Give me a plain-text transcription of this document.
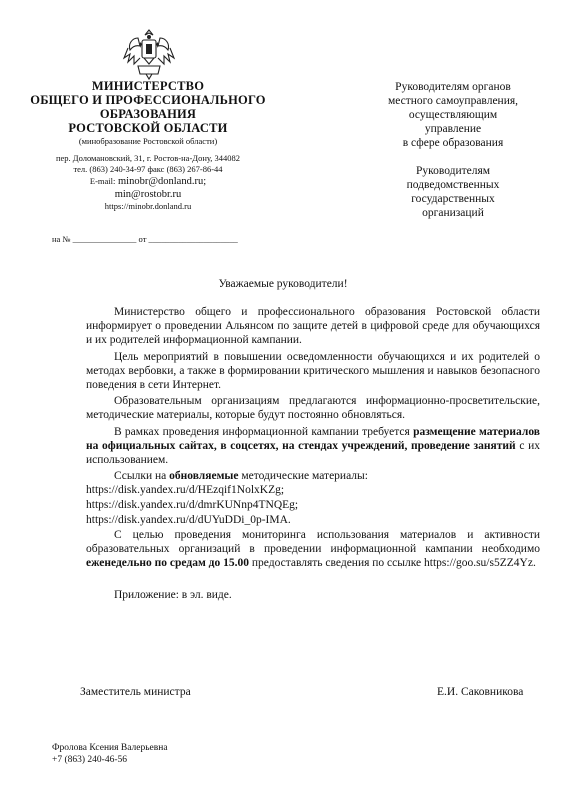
МИНИСТЕРСТВО
ОБЩЕГО И ПРОФЕССИОНАЛЬНОГО
ОБРАЗОВАНИЯ
РОСТОВСКОЙ ОБЛАСТИ
(минобразование Ростовской области)
пер. Доломановский, 31, г. Ростов-на-Дону, 344082
тел. (863) 240-34-97 факс (863) 267-86-44
E-mail: minobr@donland.ru;
min@rostobr.ru
https://minobr.donland.ru
на № _______________ от _____________________
Руководителям органов
местного самоуправления,
осуществляющим
управление
в сфере образования
Руководителям
подведомственных
государственных
организаций
Уважаемые руководители!

Министерство общего и профессионального образования Ростовской области информирует о проведении Альянсом по защите детей в цифровой среде для обучающихся и их родителей информационной кампании.

Цель мероприятий в повышении осведомленности обучающихся и их родителей о методах вербовки, а также в формировании критического мышления и навыков безопасного поведения в сети Интернет.

Образовательным организациям предлагаются информационно-просветительские, методические материалы, которые будут постоянно обновляться.

В рамках проведения информационной кампании требуется размещение материалов на официальных сайтах, в соцсетях, на стендах учреждений, проведение занятий с их использованием.

Ссылки на обновляемые методические материалы:

https://disk.yandex.ru/d/HEzqif1NolxKZg;

https://disk.yandex.ru/d/dmrKUNnp4TNQEg;

https://disk.yandex.ru/d/dUYuDDi_0p-IMA.

С целью проведения мониторинга использования материалов и активности образовательных организаций в проведении информационной кампании необходимо еженедельно по средам до 15.00 предоставлять сведения по ссылке https://goo.su/s5ZZ4Yz.

Приложение: в эл. виде.

Заместитель министра	Е.И. Саковникова
Фролова Ксения Валерьевна
+7 (863) 240-46-56
